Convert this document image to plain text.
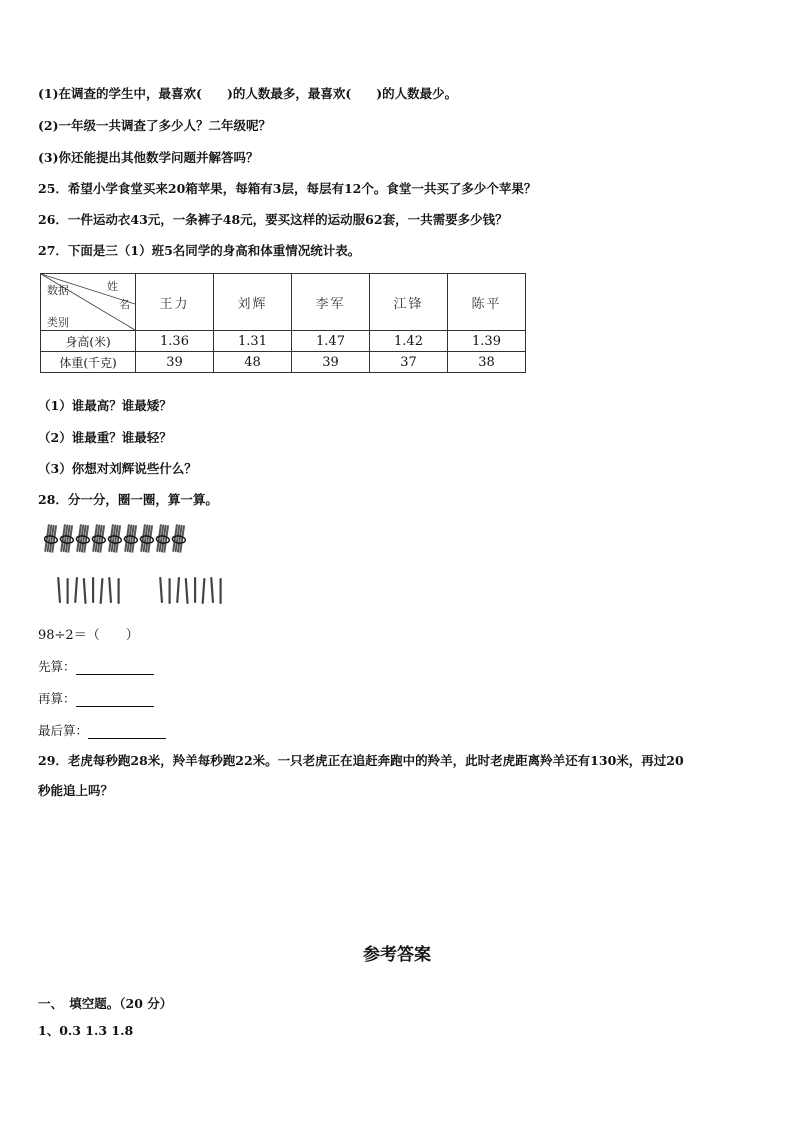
(1)在调查的学生中，最喜欢(　　)的人数最多，最喜欢(　　)的人数最少。
(2)一年级一共调查了多少人？二年级呢？
(3)你还能提出其他数学问题并解答吗？
25．希望小学食堂买来20箱苹果，每箱有3层，每层有12个。食堂一共买了多少个苹果？
26．一件运动衣43元，一条裤子48元，要买这样的运动服62套，一共需要多少钱？
27．下面是三（1）班5名同学的身高和体重情况统计表。
数据 姓
名
类别	王力	刘辉	李军	江锋	陈平
身高(米)	1.36	1.31	1.47	1.42	1.39
体重(千克)	39	48	39	37	38
（1）谁最高？谁最矮？
（2）谁最重？谁最轻？
（3）你想对刘辉说些什么？
28．分一分，圈一圈，算一算。
98÷2＝（　　）
先算：
再算：
最后算：
29．老虎每秒跑28米，羚羊每秒跑22米。一只老虎正在追赶奔跑中的羚羊，此时老虎距离羚羊还有130米，再过20
秒能追上吗？
参考答案
一、　填空题。（20 分）
1、0.3 1.3 1.8
